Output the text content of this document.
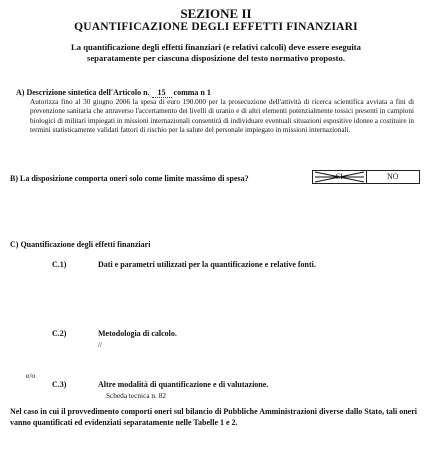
SEZIONE II
QUANTIFICAZIONE DEGLI EFFETTI FINANZIARI
La quantificazione degli effetti finanziari (e relativi calcoli) deve essere eseguita
separatamente per ciascuna disposizione del testo normativo proposto.
A) Descrizione sintetica dell'Articolo n. 15 comma n 1
Autorizza fino al 30 giugno 2006 la spesa di euro 190.000 per la prosecuzione dell'attività di ricerca scientifica avviata a fini di prevenzione sanitaria che attraverso l'accertamento dei livelli di uranio e di altri elementi potenzialmente tossici presenti in campioni biologici di militari impiegati in missioni internazionali consentirà di individuare eventuali situazioni espositive idonee a costituire in termini statisticamente validati fattori di rischio per la salute del personale impiegato in missioni internazionali.
B) La disposizione comporta oneri solo come limite massimo di spesa?	NO
C) Quantificazione degli effetti finanziari
C.1)	Dati e parametri utilizzati per la quantificazione e relative fonti.
C.2)	Metodologia di calcolo.
//
e/o
C.3)	Altre modalità di quantificazione e di valutazione.
Scheda tecnica n. 82
Nel caso in cui il provvedimento comporti oneri sul bilancio di Pubbliche Amministrazioni diverse dallo Stato, tali oneri vanno quantificati ed evidenziati separatamente nelle Tabelle 1 e 2.
